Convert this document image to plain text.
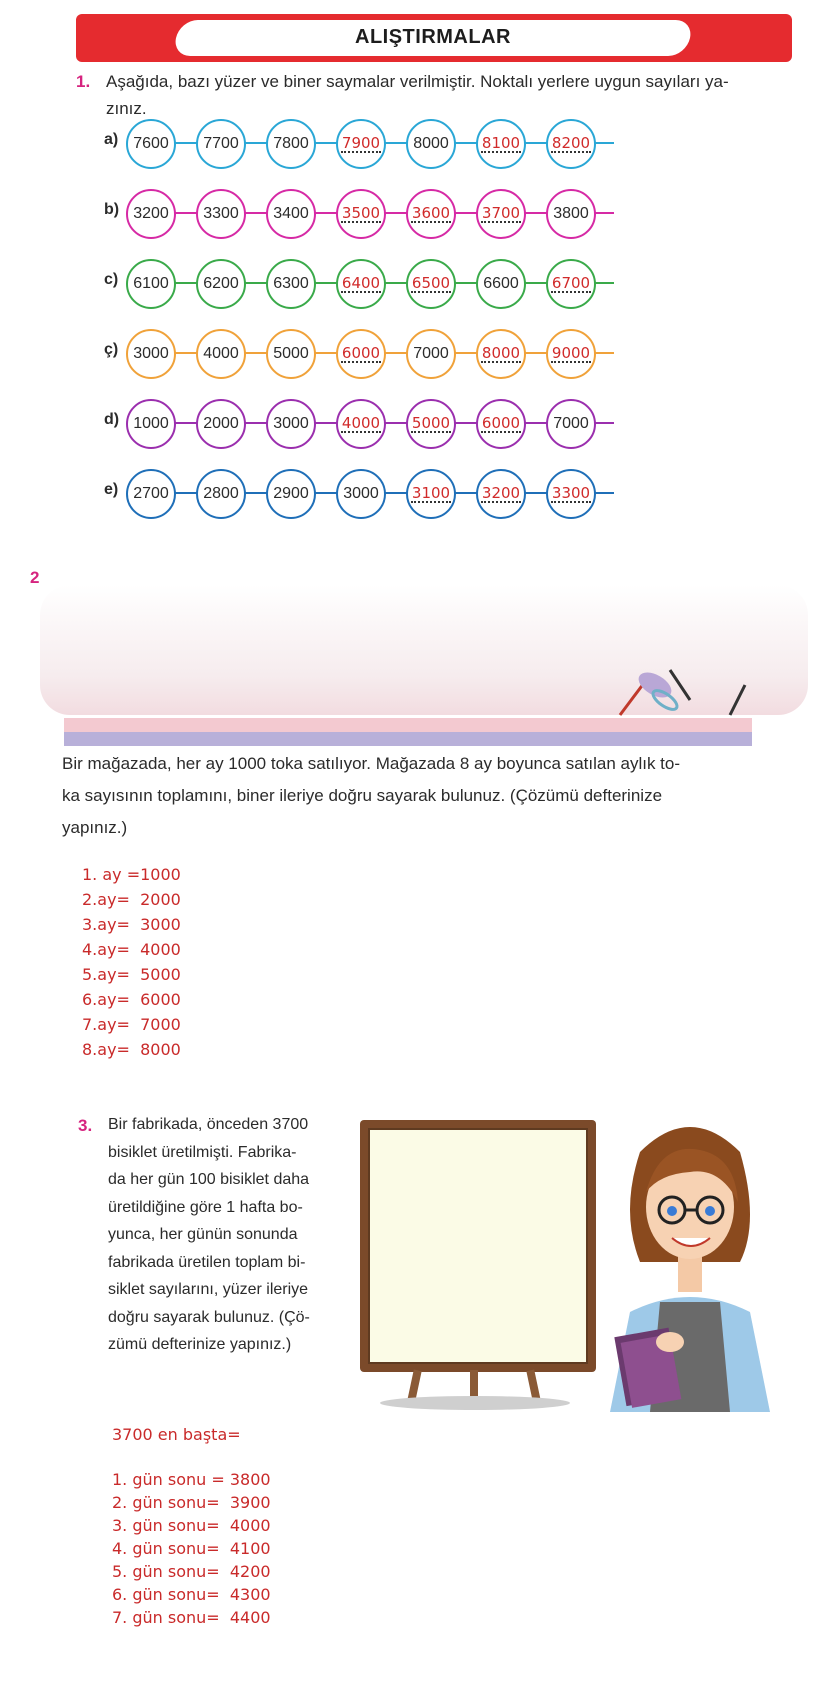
ALIŞTIRMALAR
1. Aşağıda, bazı yüzer ve biner saymalar verilmiştir. Noktalı yerlere uygun sayıları ya-
zınız.
a) 7600 7700 7800 7900 8000 8100 8200
b) 3200 3300 3400 3500 3600 3700 3800
c) 6100 6200 6300 6400 6500 6600 6700
ç) 3000 4000 5000 6000 7000 8000 9000
d) 1000 2000 3000 4000 5000 6000 7000
e) 2700 2800 2900 3000 3100 3200 3300
2
Bir mağazada, her ay 1000 toka satılıyor. Mağazada 8 ay boyunca satılan aylık to-
ka sayısının toplamını, biner ileriye doğru sayarak bulunuz. (Çözümü defterinize
yapınız.)
1. ay =1000
2.ay=  2000
3.ay=  3000
4.ay=  4000
5.ay=  5000
6.ay=  6000
7.ay=  7000
8.ay=  8000
3. Bir fabrikada, önceden 3700
bisiklet üretilmişti. Fabrika-
da her gün 100 bisiklet daha
üretildiğine göre 1 hafta bo-
yunca, her günün sonunda
fabrikada üretilen toplam bi-
siklet sayılarını, yüzer ileriye
doğru sayarak bulunuz. (Çö-
zümü defterinize yapınız.)
3700 en başta=
1. gün sonu = 3800
2. gün sonu=  3900
3. gün sonu=  4000
4. gün sonu=  4100
5. gün sonu=  4200
6. gün sonu=  4300
7. gün sonu=  4400
